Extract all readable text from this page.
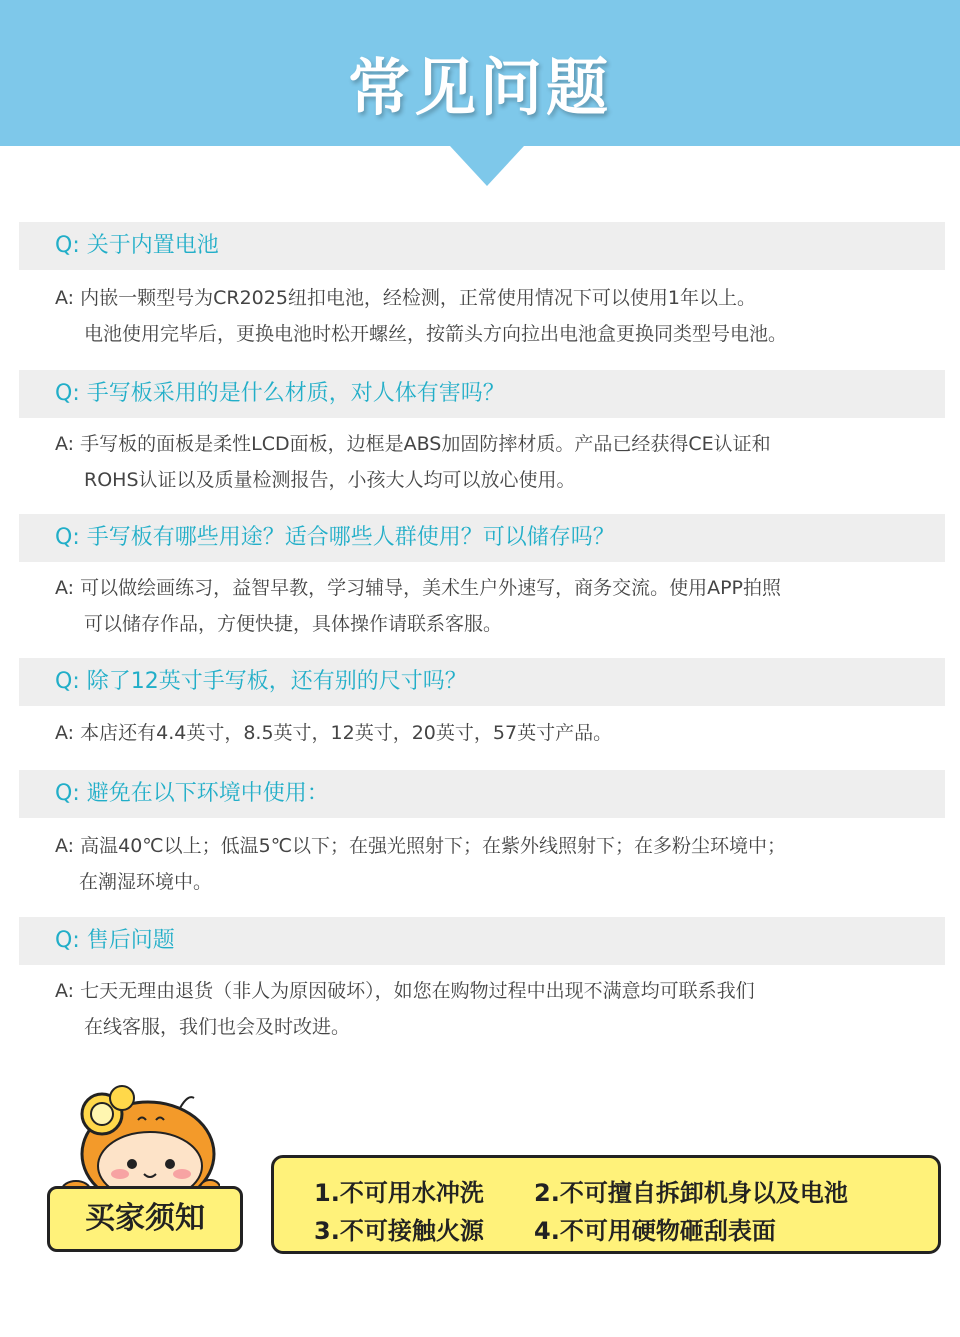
常见问题
Q: 关于内置电池
A: 内嵌一颗型号为CR2025纽扣电池，经检测，正常使用情况下可以使用1年以上。
电池使用完毕后，更换电池时松开螺丝，按箭头方向拉出电池盒更换同类型号电池。
Q: 手写板采用的是什么材质，对人体有害吗？
A: 手写板的面板是柔性LCD面板，边框是ABS加固防摔材质。产品已经获得CE认证和
ROHS认证以及质量检测报告，小孩大人均可以放心使用。
Q: 手写板有哪些用途？适合哪些人群使用？可以储存吗？
A: 可以做绘画练习，益智早教，学习辅导，美术生户外速写，商务交流。使用APP拍照
可以储存作品，方便快捷，具体操作请联系客服。
Q: 除了12英寸手写板，还有别的尺寸吗？
A: 本店还有4.4英寸，8.5英寸，12英寸，20英寸，57英寸产品。
Q: 避免在以下环境中使用：
A: 高温40℃以上；低温5℃以下；在强光照射下；在紫外线照射下；在多粉尘环境中；
在潮湿环境中。
Q: 售后问题
A: 七天无理由退货（非人为原因破坏），如您在购物过程中出现不满意均可联系我们
在线客服，我们也会及时改进。
买家须知
1.不可用水冲洗 2.不可擅自拆卸机身以及电池
3.不可接触火源 4.不可用硬物砸刮表面
